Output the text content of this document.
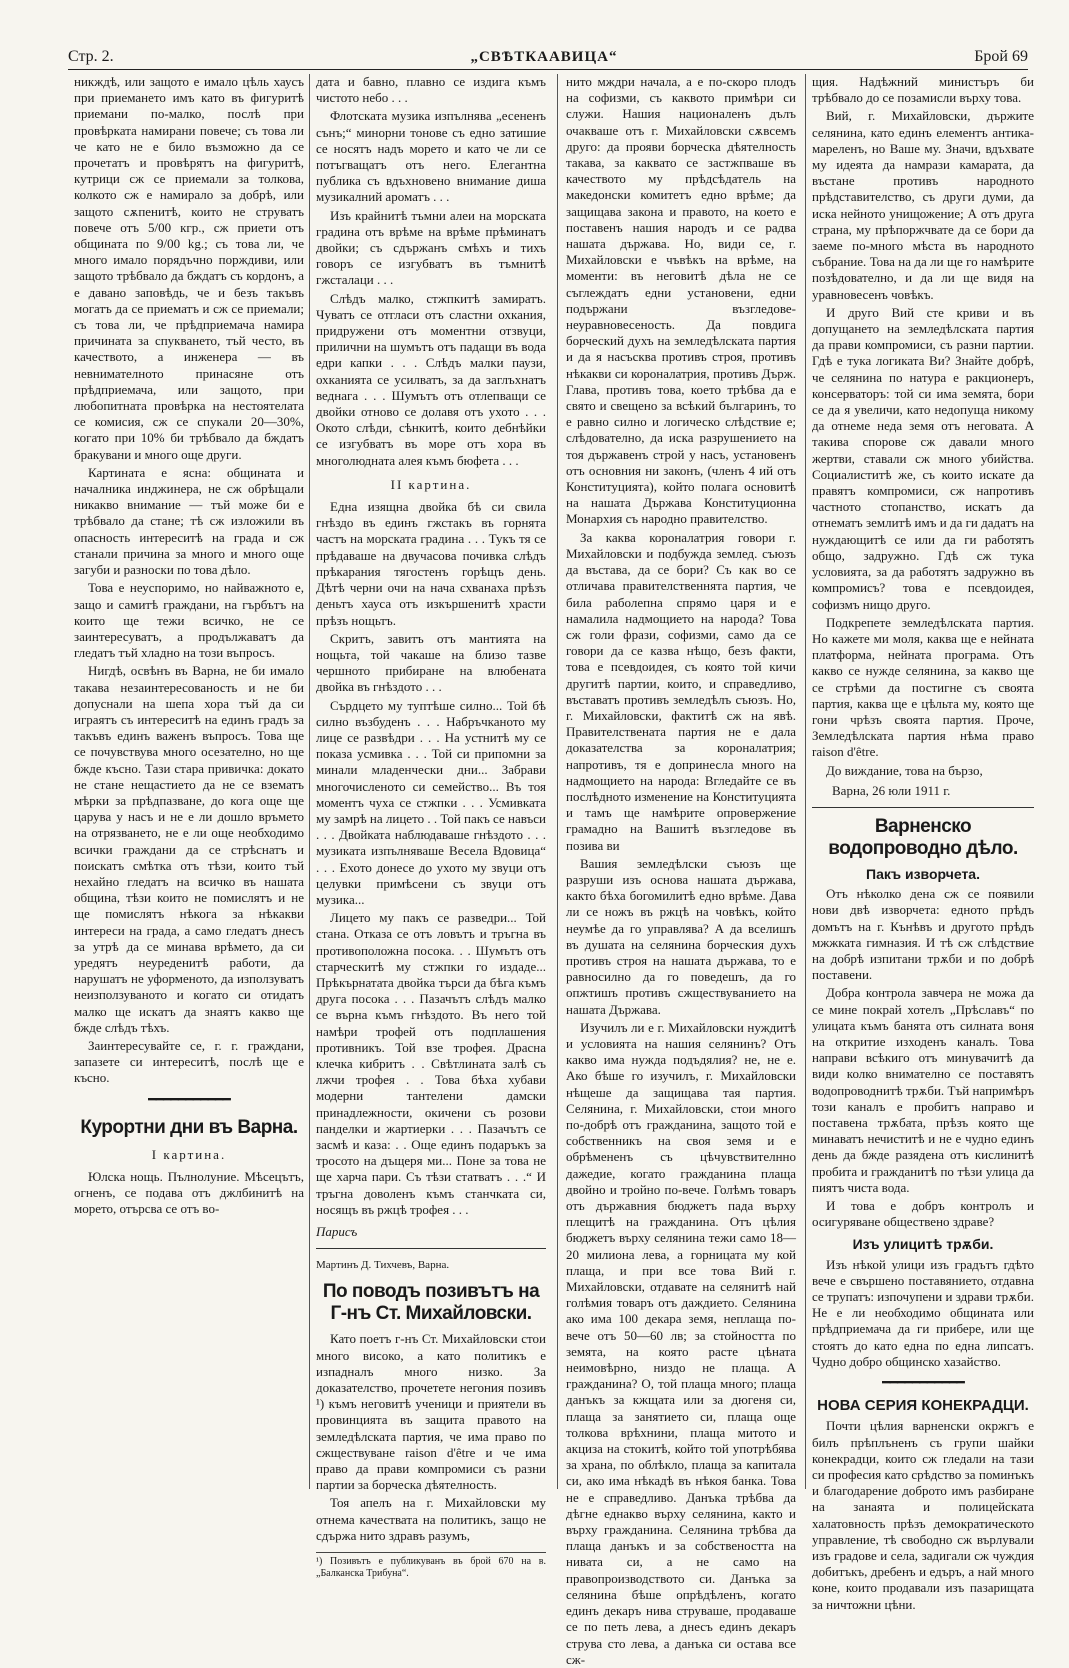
Стр. 2.	„СВѢТКААВИЦА“	Брой 69

никждѣ, или защото е имало цѣль хаусъ при приемането имъ като въ фигуритѣ приемани по-малко, послѣ при провѣрката намирани повече; съ това ли че като не е било възможно да се прочетатъ и провѣрятъ на фигуритѣ, кутрици сж се приемали за толкова, колкото сж е намирало за добрѣ, или защото сѫпенитѣ, които не струватъ повече отъ 5/00 кгр., сж приети отъ общината по 9/00 kg.; съ това ли, че много имало порядъчно порждиви, или защото трѣбвало да бждатъ съ кордонъ, а е давано заповѣдь, че и безъ такъвъ могатъ да се приематъ и сж се приемали; съ това ли, че прѣдприемача намира причината за спукването, тъй често, въ качеството, а инженера — въ невнимателното принасяне отъ прѣдприемача, или защото, при любопитната провѣрка на нестоятелата се комисия, сж се спукали 20—30%, когато при 10% би трѣбвало да бждатъ бракувани и много още други.

Картината е ясна: общината и началника инджинера, не сж обрѣщали никакво внимание — тъй може би е трѣбвало да стане; тѣ сж изложили въ опасность интереситѣ на града и сж станали причина за много и много още загуби и разноски по това дѣло.

Това е неуспоримо, но найважното е, защо и самитѣ граждани, на гърбътъ на които ще тежи всичко, не се заинтересуватъ, а продължаватъ да гледатъ тъй хладно на този въпросъ.

Нигдѣ, освѣнъ въ Варна, не би имало такава незаинтересованость и не би допуснали на шепа хора тъй да си играятъ съ интереситѣ на единъ градъ за такъвъ единъ важенъ въпросъ. Това ще се почувствува много осезателно, но ще бжде късно. Тази стара привичка: докато не стане нещастието да не се взематъ мѣрки за прѣдпазване, до кога още ще царува у насъ и не е ли дошло връмето на отрязването, не е ли още необходимо всички граждани да се стрѣснатъ и поискатъ смѣтка отъ тѣзи, които тъй нехайно гледатъ на всичко въ нашата община, тѣзи които не помислятъ и не ще помислятъ нѣкога за нѣкакви интереси на града, а само гледатъ днесъ за утрѣ да се минава врѣмето, да си уредятъ неуреденитѣ работи, да нарушатъ не уформеното, да използуватъ неизползуваното и когато си отидатъ малко ще искатъ да знаятъ какво ще бжде слѣдъ тѣхъ.

Заинтересувайте се, г. г. граждани, запазете си интереситѣ, послѣ ще е късно.

━━━━━━━━━━━
Курортни дни въ Варна.
I картина.

Юлска нощь. Пълнолуние. Мѣсецътъ, огненъ, се подава отъ джлбинитѣ на морето, отърсва се отъ во-

дата и бавно, плавно се издига къмъ чистото небо . . .

Флотската музика изпълнява „есененъ сънъ;“ минорни тонове съ едно затишие се носятъ надъ морето и като че ли се потъгващатъ отъ него. Елегантна публика съ вдъхновено внимание диша музикалний ароматъ . . .

Изъ крайнитѣ тъмни алеи на морската градина отъ врѣме на врѣме прѣминатъ двойки; съ сдържанъ смѣхъ и тихъ говоръ се изгубватъ въ тъмнитѣ гжсталаци . . .

Слѣдъ малко, стжпкитѣ замиратъ. Чуватъ се отгласи отъ сластни охкания, придружени отъ моментни отзвуци, прилични на шумътъ отъ падащи въ вода едри капки . . . Слѣдъ малки паузи, охканията се усилватъ, за да заглъхнатъ веднага . . . Шумътъ отъ отлепващи се двойки отново се долавя отъ ухото . . . Окото слѣди, сѣнкитѣ, които дебнѣйки се изгубватъ въ море отъ хора въ многолюдната алея къмъ бюфета . . .

II картина.

Една изящна двойка бѣ си свила гнѣздо въ единъ гжстакъ въ горнята частъ на морската градина . . . Тукъ тя се прѣдаваше на двучасова почивка слѣдъ прѣкарания тягостенъ горѣщъ день. Дѣтѣ черни очи на нача схванаха прѣзъ деньтъ хауса отъ изкършенитѣ храсти прѣзъ нощьтъ.

Скритъ, завитъ отъ мантията на нощьта, той чакаше на близо тазве чершното прибиране на влюбената двойка въ гнѣздото . . .

Сърдцето му туптѣше силно... Той бѣ силно възбуденъ . . . Набръчканото му лице се развѣдри . . . На устнитѣ му се показа усмивка . . . Той си припомни за минали младенчески дни... Забрави многочисленото си семейство... Въ тоя моментъ чуха се стжпки . . . Усмивката му замрѣ на лицето . . Той пакъ се навъси . . . Двойката наблюдаваше гнѣздото . . . музиката изпълняваше Весела Вдовица“ . . . Ехото донесе до ухото му звуци отъ целувки примѣсени съ звуци отъ музика...

Лицето му пакъ се разведри... Той стана. Отказа се отъ ловътъ и тръгна въ противоположна посока. . . Шумътъ отъ старческитѣ му стжпки го издаде... Прѣкърнатата двойка търси да бѣга къмъ друга посока . . . Пазачътъ слѣдъ малко се върна къмъ гнѣздото. Въ него той намѣри трофей отъ подплашения противникъ. Той взе трофея. Драсна клечка кибритъ . . Свѣтлината залѣ съ лжчи трофея . . Това бѣха хубави модерни тантелени дамски принадлежности, окичени съ розови панделки и жартиерки . . . Пазачътъ се засмѣ и каза: . . Още единъ подаръкъ за тросото на дъщеря ми... Поне за това не ще харча пари. Съ тѣзи статватъ . . .“ И тръгна доволенъ къмъ станчката си, носящъ въ ржцѣ трофея . . .

Парисъ
Мартинъ Д. Тихчевъ, Варна.
По поводъ позивътъ на Г-нъ Ст. Михайловски.

Като поетъ г-нъ Ст. Михайловски стои много високо, а като политикъ е изпадналъ много низко. За доказателство, прочетете негония позивъ ¹) къмъ неговитѣ ученици и приятели въ провинцията въ защита правото на земледѣлската партия, че има право по сжществуване raison d'être и че има право да прави компромиси съ разни партии за борческа дѣятелность.

Тоя апелъ на г. Михайловски му отнема качествата на политикъ, защо не сдържа нито здравъ разумъ,

¹) Позивътъ е публикуванъ въ брой 670 на в. „Балканска Трибуна“.

нито мждри начала, а е по-скоро плодъ на софизми, съ каквото примѣри си служи. Нашия националенъ дълъ очакваше отъ г. Михайловски сѫвсемъ друго: да прояви борческа дѣятелность такава, за каквато се застжпваше въ качеството му прѣдсѣдатель на македонски комитетъ едно врѣме; да защищава закона и правото, на което е поставенъ нашия народъ и се радва нашата държава. Но, види се, г. Михайловски е чъвѣкъ на врѣме, на моменти: въ неговитѣ дѣла не се съглеждатъ едни установени, едни подържани възгледове-неуравновесеность. Да повдига борческий духъ на земледѣлската партия и да я насъсква противъ строя, противъ нѣкакви си короналатрия, противъ Държ. Глава, противъ това, което трѣбва да е свято и свещено за всѣкий българинъ, то е равно силно и логическо слѣдствие е; слѣдователно, да иска разрушението на тоя държавенъ строй у насъ, установенъ отъ основния ни законъ, (членъ 4 ий отъ Конституцията), който полага основитѣ на нашата Държава Конституционна Монархия съ народно правителство.

За каква короналатрия говори г. Михайловски и подбужда землед. съюзъ да въстава, да се бори? Съ как во се отличава правителственнята партия, че била раболепна спрямо царя и е намалила надмощието на народа? Това сж голи фрази, софизми, само да се говори да се казва нѣщо, безъ факти, това е псевдоидея, съ която той кичи другитѣ партии, които, и справедливо, въставатъ противъ земледѣлъ съюзъ. Но, г. Михайловски, фактитѣ сж на явѣ. Правителствената партия не е дала доказателства за короналатрия; напротивъ, тя е допринесла много на надмощието на народа: Вгледайте се въ послѣдното изменение на Конституцията и тамъ ще намѣрите опровержение грамадно на Вашитѣ възгледове въ позива ви

Вашия земледѣлски съюзъ ще разруши изъ основа нашата държава, както бѣха богомилитѣ едно врѣме. Дава ли се ножъ въ ржцѣ на човѣкъ, който неумѣе да го управлява? А да вселишъ въ душата на селянина борческия духъ противъ строя на нашата държава, то е равносилно да го поведешъ, да го опжтишъ противъ сжществуванието на нашата Държава.

Изучилъ ли е г. Михайловски нуждитѣ и условията на нашия селянинъ? Отъ какво има нужда подъдялия? не, не е. Ако бѣше го изучилъ, г. Михайловски нѣщеше да защищава тая партия. Селянина, г. Михайловски, стои много по-добрѣ отъ гражданина, защото той е собственникъ на своя земя и е обрѣмененъ съ цѣчувствителнно дажедие, когато гражданина плаща двойно и тройно по-вече. Голѣмъ товаръ отъ държавния бюджетъ пада върху плещитѣ на гражданина. Отъ цѣлия бюджетъ върху селянина тежи само 18—20 милиона лева, а горницата му кой плаща, и при все това Вий г. Михайловски, отдавате на селянитѣ най голѣмия товаръ отъ даждието. Селянина ако има 100 декара земя, неплаща по-вече отъ 50—60 лв; за стойността по земята, на която расте цѣната неимовѣрно, низдо не плаща. А гражданина? О, той плаща много; плаща данъкъ за кжщата или за дюгеня си, плаща за занятието си, плаща още толкова врѣхнини, плаща митото и акциза на стокитѣ, който той употрѣбява за храна, по облѣкло, плаща за капитала си, ако има нѣкадѣ въ нѣкоя банка. Това не е справедливо. Данъка трѣбва да дѣгне еднакво върху селянина, както и върху гражданина. Селянина трѣбва да плаща данъкъ и за собствеността на нивата си, а не само на правопроизводството си. Данъка за селянина бѣше опрѣдѣленъ, когато единъ декаръ нива струваше, продаваше се по петь лева, а днесъ единъ декаръ струва сто лева, а данъка си остава все сж-

щия. Надѣжний министъръ би трѣбвало до се позамисли върху това.

Вий, г. Михайловски, държите селянина, като единъ елементъ антика-мареленъ, но Ваше му. Значи, вдъхвате му идеята да намрази камарата, да въстане противъ народното прѣдставителство, съ други думи, да иска нейното унищожение; А отъ друга страна, му прѣпоржчвате да се бори да заеме по-много мѣста въ народното събрание. Това на да ли ще го намѣрите позѣдователно, и да ли ще видя на уравновесенъ човѣкъ.

И друго Вий сте криви и въ допущането на земледѣлската партия да прави компромиси, съ разни партии. Гдѣ е тука логиката Ви? Знайте добрѣ, че селянина по натура е ракционеръ, консерваторъ: той си има земята, бори се да я увеличи, като недопуща никому да отнеме неда земя отъ неговата. А такива спорове сж давали много жертви, ставали сж много убийства. Социалиститѣ же, съ които искате да правятъ компромиси, сж напротивъ частното стопанство, искатъ да отнематъ землитѣ имъ и да ги дадатъ на нуждающитѣ се или да ги работятъ общо, задружно. Гдѣ сж тука условията, за да работятъ задружно въ компромисъ? това е псевдоидея, софизмъ нищо друго.

Подкрепете земледѣлската партия. Но кажете ми моля, каква ще е нейната платформа, нейната програма. Отъ какво се нужде селянина, за какво ще се стрѣми да постигне съ своята партия, каква ще е цѣльта му, която ще гони чрѣзъ своята партия. Проче, Земледѣлската партия нѣма право raison d'être.

До виждание, това на бързо,

Варна, 26 юли 1911 г.
Варненско водопроводно дѣло.
Пакъ изворчета.

Отъ нѣколко дена сж се появили нови двѣ изворчета: едното прѣдъ домътъ на г. Кънѣвъ и другото прѣдъ мжжката гимназия. И тѣ сж слѣдствие на добрѣ изпитани трѫби и по добрѣ поставени.

Добра контрола завчера не можа да се мине покрай хотелъ „Прѣславъ“ по улицата къмъ банята отъ силната воня на откритие изходенъ каналъ. Това направи всѣкиго отъ минувачитѣ да види колко внимателно се поставятъ водопроводнитѣ трѫби. Тъй напримѣръ този каналъ е пробитъ направо и поставена трѫбата, прѣзъ която ще минаватъ нечиститѣ и не е чудно единъ день да бжде разядена отъ кислинитѣ пробита и гражданитѣ по тѣзи улица да пиятъ чиста вода.

И това е добръ контролъ и осигуряване обществено здраве?

Изъ улицитѣ трѫби.

Изъ нѣкой улици изъ градътъ гдѣто вече е свършено поставянието, отдавна се трупатъ: изпочупени и здрави трѫби. Не е ли необходимо общината или прѣдприемача да ги прибере, или ще стоятъ до като една по една липсатъ. Чудно добро общинско хазайство.

━━━━━━━━━━━
НОВА СЕРИЯ КОНЕКРАДЦИ.

Почти цѣлия варненски окржгъ е билъ прѣплъненъ съ групи шайки конекрадци, които сж гледали на тази си професия като срѣдство за поминъкъ и благодарение доброто имъ разбиране на занаята и полицейската халатовность прѣзъ демократическото управление, тѣ свободно сж върлували изъ градове и села, задигали сж чуждия добитъкъ, дребенъ и едъръ, а най много коне, които продавали изъ пазарищата за ничтожни цѣни.
